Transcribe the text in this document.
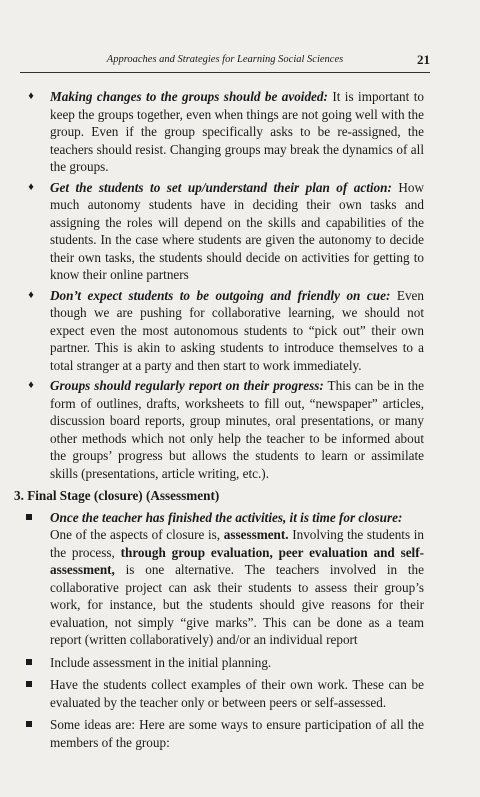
Approaches and Strategies for Learning Social Sciences	21
♦	Making changes to the groups should be avoided: It is important to keep the groups together, even when things are not going well with the group. Even if the group specifically asks to be re-assigned, the teachers should resist. Changing groups may break the dynamics of all the groups.
♦	Get the students to set up/understand their plan of action: How much autonomy students have in deciding their own tasks and assigning the roles will depend on the skills and capabilities of the students. In the case where students are given the autonomy to decide their own tasks, the students should decide on activities for getting to know their online partners
♦	Don’t expect students to be outgoing and friendly on cue: Even though we are pushing for collaborative learning, we should not expect even the most autonomous students to “pick out” their own partner. This is akin to asking students to introduce themselves to a total stranger at a party and then start to work immediately.
♦	Groups should regularly report on their progress: This can be in the form of outlines, drafts, worksheets to fill out, “newspaper” articles, discussion board reports, group minutes, oral presentations, or many other methods which not only help the teacher to be informed about the groups’ progress but allows the students to learn or assimilate skills (presentations, article writing, etc.).
3. Final Stage (closure) (Assessment)
Once the teacher has finished the activities, it is time for closure:
One of the aspects of closure is, assessment. Involving the students in the process, through group evaluation, peer evaluation and self-assessment, is one alternative. The teachers involved in the collaborative project can ask their students to assess their group’s work, for instance, but the students should give reasons for their evaluation, not simply “give marks”. This can be done as a team report (written collaboratively) and/or an individual report
Include assessment in the initial planning.
Have the students collect examples of their own work. These can be evaluated by the teacher only or between peers or self-assessed.
Some ideas are: Here are some ways to ensure participation of all the members of the group:
